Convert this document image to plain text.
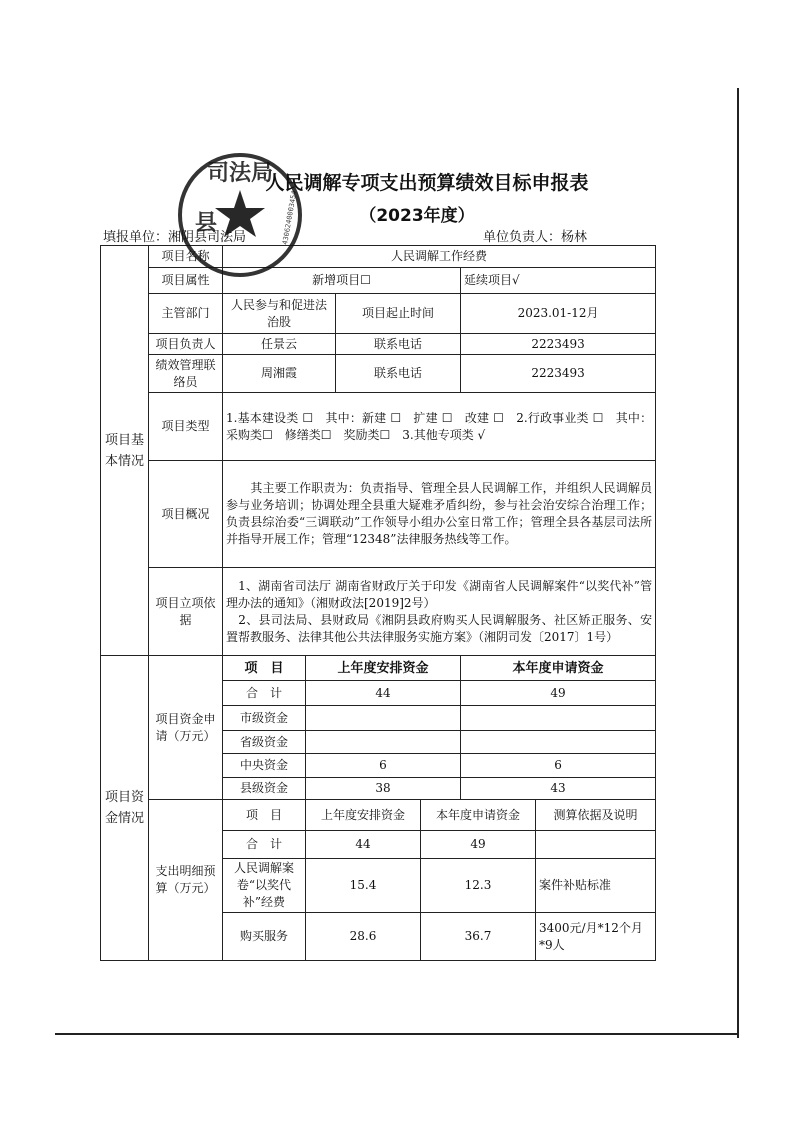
人民调解专项支出预算绩效目标申报表
（2023年度）
填报单位：湘阴县司法局	单位负责人：杨林
项目基本情况	项目名称	人民调解工作经费					
	项目属性	新增项目☐				延续项目√	
	主管部门	人民参与和促进法治股		项目起止时间		2023.01-12月	
	项目负责人	任景云		联系电话		2223493	
	绩效管理联络员	周湘霞		联系电话		2223493	
	项目类型	1.基本建设类 ☐　其中：新建 ☐　扩建 ☐　改建 ☐　2.行政事业类 ☐　其中：采购类☐　修缮类☐　奖励类☐　3.其他专项类 √					
	项目概况	　　其主要工作职责为：负责指导、管理全县人民调解工作，并组织人民调解员参与业务培训；协调处理全县重大疑难矛盾纠纷，参与社会治安综合治理工作；负责县综治委“三调联动”工作领导小组办公室日常工作；管理全县各基层司法所并指导开展工作；管理“12348”法律服务热线等工作。					
	项目立项依据	　1、湖南省司法厅 湖南省财政厅关于印发《湖南省人民调解案件“以奖代补”管理办法的通知》（湘财政法[2019]2号）
　2、县司法局、县财政局《湘阴县政府购买人民调解服务、社区矫正服务、安置帮教服务、法律其他公共法律服务实施方案》（湘阴司发〔2017〕1号）					

项目资金情况	项目资金申请（万元）	项　目	上年度安排资金			本年度申请资金	
		合　计	44			49	
		市级资金					
		省级资金					
		中央资金	6			6	
		县级资金	38			43	
	支出明细预算（万元）	项　目	上年度安排资金		本年度申请资金		测算依据及说明
		合　计	44		49		
		人民调解案卷“以奖代补”经费	15.4		12.3		案件补贴标准
		购买服务	28.6		36.7		3400元/月*12个月*9人
司法局
县	4306240003454
